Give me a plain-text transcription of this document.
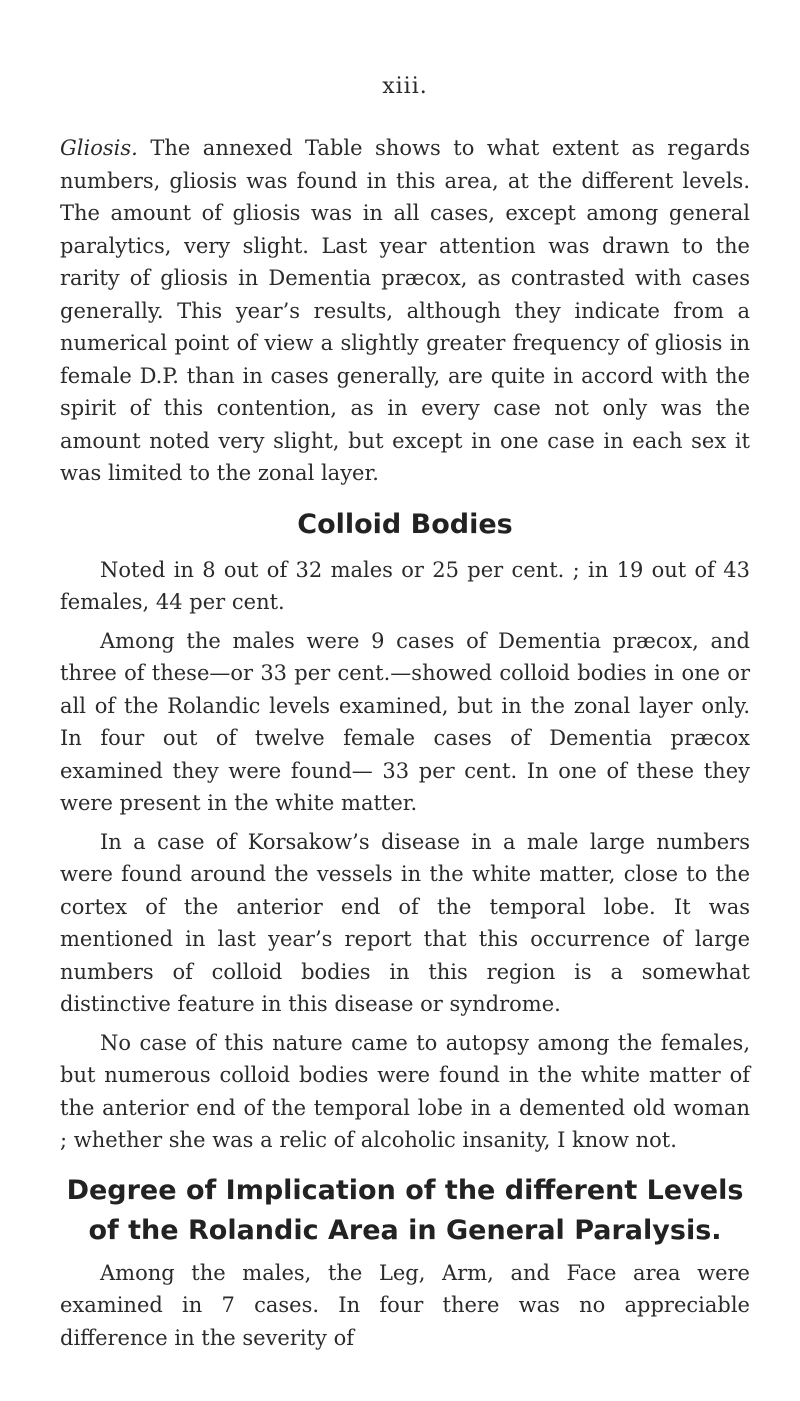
xiii.

Gliosis. The annexed Table shows to what extent as regards numbers, gliosis was found in this area, at the different levels. The amount of gliosis was in all cases, except among general paralytics, very slight. Last year attention was drawn to the rarity of gliosis in Dementia præcox, as contrasted with cases generally. This year’s results, although they indicate from a numerical point of view a slightly greater frequency of gliosis in female D.P. than in cases generally, are quite in accord with the spirit of this contention, as in every case not only was the amount noted very slight, but except in one case in each sex it was limited to the zonal layer.

Colloid Bodies

Noted in 8 out of 32 males or 25 per cent. ; in 19 out of 43 females, 44 per cent.

Among the males were 9 cases of Dementia præcox, and three of these—or 33 per cent.—showed colloid bodies in one or all of the Rolandic levels examined, but in the zonal layer only. In four out of twelve female cases of Dementia præcox examined they were found— 33 per cent. In one of these they were present in the white matter.

In a case of Korsakow’s disease in a male large numbers were found around the vessels in the white matter, close to the cortex of the anterior end of the temporal lobe. It was mentioned in last year’s report that this occurrence of large numbers of colloid bodies in this region is a somewhat distinctive feature in this disease or syndrome.

No case of this nature came to autopsy among the females, but numerous colloid bodies were found in the white matter of the anterior end of the temporal lobe in a demented old woman ; whether she was a relic of alcoholic insanity, I know not.

Degree of Implication of the different Levels
of the Rolandic Area in General Paralysis.

Among the males, the Leg, Arm, and Face area were examined in 7 cases. In four there was no appreciable difference in the severity of
